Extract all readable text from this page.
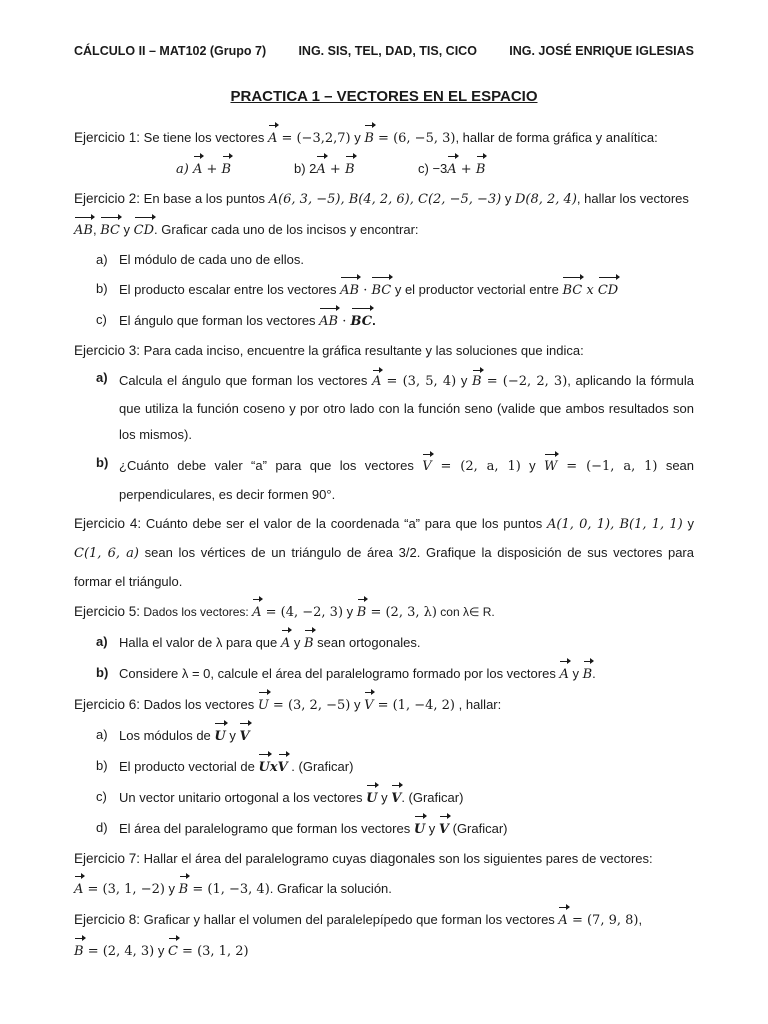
CÁLCULO II – MAT102 (Grupo 7)	ING. SIS, TEL, DAD, TIS, CICO	ING. JOSÉ ENRIQUE IGLESIAS
PRACTICA 1 – VECTORES EN EL ESPACIO
Ejercicio 1: Se tiene los vectores A = (−3,2,7) y B = (6, −5, 3), hallar de forma gráfica y analítica:
a) A + B	b) 2A + B	c) −3A + B
Ejercicio 2: En base a los puntos A(6, 3, −5), B(4, 2, 6), C(2, −5, −3) y D(8, 2, 4), hallar los vectores
AB, BC y CD. Graficar cada uno de los incisos y encontrar:
a) El módulo de cada uno de ellos.
b) El producto escalar entre los vectores AB · BC y el productor vectorial entre BC x CD
c) El ángulo que forman los vectores AB · BC.
Ejercicio 3: Para cada inciso, encuentre la gráfica resultante y las soluciones que indica:
a) Calcula el ángulo que forman los vectores A = (3, 5, 4) y B = (−2, 2, 3), aplicando la fórmula que utiliza la función coseno y por otro lado con la función seno (valide que ambos resultados son los mismos).
b) ¿Cuánto debe valer “a” para que los vectores V = (2, a, 1) y W = (−1, a, 1) sean perpendiculares, es decir formen 90°.
Ejercicio 4: Cuánto debe ser el valor de la coordenada “a” para que los puntos A(1, 0, 1), B(1, 1, 1) y C(1, 6, a) sean los vértices de un triángulo de área 3/2. Grafique la disposición de sus vectores para formar el triángulo.
Ejercicio 5: Dados los vectores: A = (4, −2, 3) y B = (2, 3, λ) con λ∈ R.
a) Halla el valor de λ para que A y B sean ortogonales.
b) Considere λ = 0, calcule el área del paralelogramo formado por los vectores A y B.
Ejercicio 6: Dados los vectores U = (3, 2, −5) y V = (1, −4, 2) , hallar:
a) Los módulos de U y V
b) El producto vectorial de UxV . (Graficar)
c) Un vector unitario ortogonal a los vectores U y V. (Graficar)
d) El área del paralelogramo que forman los vectores U y V (Graficar)
Ejercicio 7: Hallar el área del paralelogramo cuyas diagonales son los siguientes pares de vectores:
A = (3, 1, −2) y B = (1, −3, 4). Graficar la solución.
Ejercicio 8: Graficar y hallar el volumen del paralelepípedo que forman los vectores A = (7, 9, 8),
B = (2, 4, 3) y C = (3, 1, 2)
